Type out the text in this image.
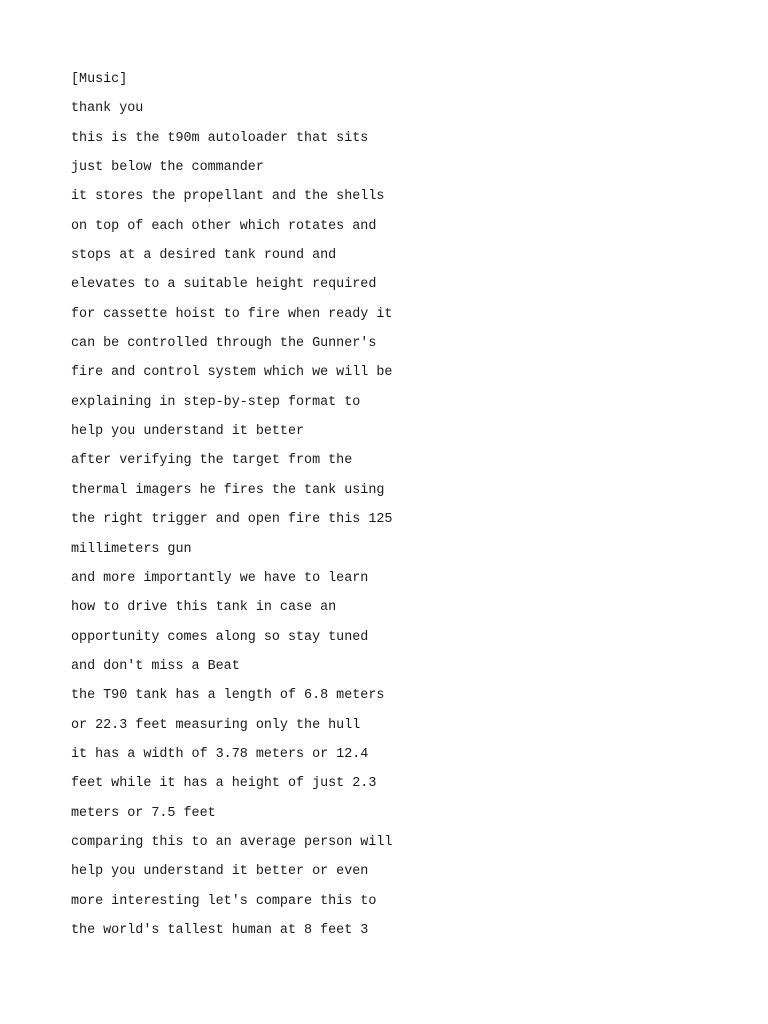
[Music]
thank you
this is the t90m autoloader that sits
just below the commander
it stores the propellant and the shells
on top of each other which rotates and
stops at a desired tank round and
elevates to a suitable height required
for cassette hoist to fire when ready it
can be controlled through the Gunner's
fire and control system which we will be
explaining in step-by-step format to
help you understand it better
after verifying the target from the
thermal imagers he fires the tank using
the right trigger and open fire this 125
millimeters gun
and more importantly we have to learn
how to drive this tank in case an
opportunity comes along so stay tuned
and don't miss a Beat
the T90 tank has a length of 6.8 meters
or 22.3 feet measuring only the hull
it has a width of 3.78 meters or 12.4
feet while it has a height of just 2.3
meters or 7.5 feet
comparing this to an average person will
help you understand it better or even
more interesting let's compare this to
the world's tallest human at 8 feet 3
